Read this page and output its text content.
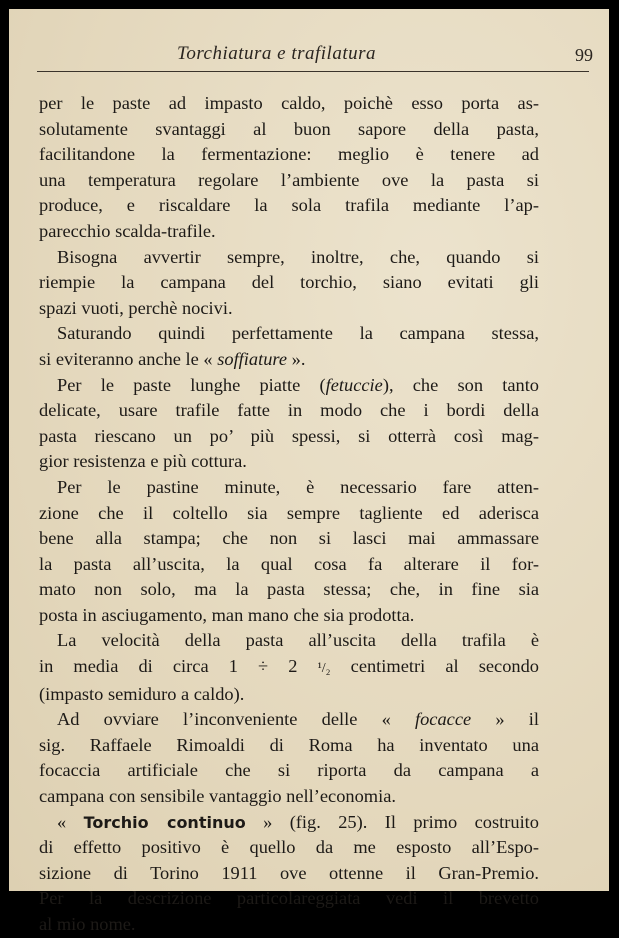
Torchiatura e trafilatura	99
per le paste ad impasto caldo, poichè esso porta as-
solutamente svantaggi al buon sapore della pasta,
facilitandone la fermentazione: meglio è tenere ad
una temperatura regolare l’ambiente ove la pasta si
produce, e riscaldare la sola trafila mediante l’ap-
parecchio scalda-trafile.
Bisogna avvertir sempre, inoltre, che, quando si
riempie la campana del torchio, siano evitati gli
spazi vuoti, perchè nocivi.
Saturando quindi perfettamente la campana stessa,
si eviteranno anche le « soffiature ».
Per le paste lunghe piatte (fetuccie), che son tanto
delicate, usare trafile fatte in modo che i bordi della
pasta riescano un po’ più spessi, si otterrà così mag-
gior resistenza e più cottura.
Per le pastine minute, è necessario fare atten-
zione che il coltello sia sempre tagliente ed aderisca
bene alla stampa; che non si lasci mai ammassare
la pasta all’uscita, la qual cosa fa alterare il for-
mato non solo, ma la pasta stessa; che, in fine sia
posta in asciugamento, man mano che sia prodotta.
La velocità della pasta all’uscita della trafila è
in media di circa 1 ÷ 2 ¹/₂ centimetri al secondo
(impasto semiduro a caldo).
Ad ovviare l’inconveniente delle « focacce » il
sig. Raffaele Rimoaldi di Roma ha inventato una
focaccia artificiale che si riporta da campana a
campana con sensibile vantaggio nell’economia.
« Torchio continuo » (fig. 25). Il primo costruito
di effetto positivo è quello da me esposto all’Espo-
sizione di Torino 1911 ove ottenne il Gran-Premio.
Per la descrizione particolareggiata vedi il brevetto
al mio nome.
